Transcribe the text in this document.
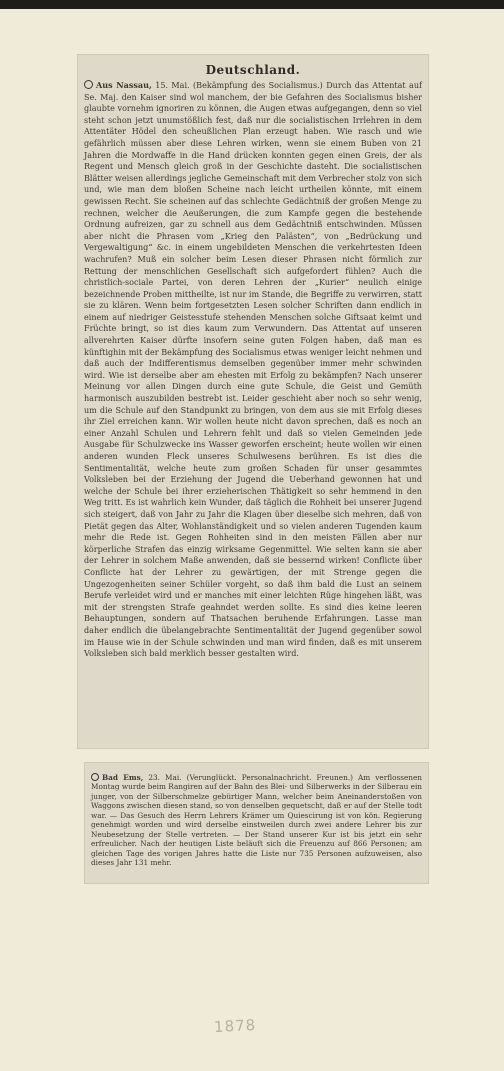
Deutschland.

Aus Nassau, 15. Mai. (Bekämpfung des Socialismus.) Durch das Attentat auf Se. Maj. den Kaiser sind wol manchem, der bie Gefahren des Socialismus bisher glaubte vornehm ignoriren zu können, die Augen etwas aufgegangen, denn so viel steht schon jetzt unumstößlich fest, daß nur die socialistischen Irrlehren in dem Attentäter Hödel den scheußlichen Plan erzeugt haben. Wie rasch und wie gefährlich müssen aber diese Lehren wirken, wenn sie einem Buben von 21 Jahren die Mordwaffe in die Hand drücken konnten gegen einen Greis, der als Regent und Mensch gleich groß in der Geschichte dasteht. Die socialistischen Blätter weisen allerdings jegliche Gemeinschaft mit dem Verbrecher stolz von sich und, wie man dem bloßen Scheine nach leicht urtheilen könnte, mit einem gewissen Recht. Sie scheinen auf das schlechte Gedächtniß der großen Menge zu rechnen, welcher die Aeußerungen, die zum Kampfe gegen die bestehende Ordnung aufreizen, gar zu schnell aus dem Gedächtniß entschwinden. Müssen aber nicht die Phrasen vom „Krieg den Palästen“, von „Bedrückung und Vergewaltigung“ &c. in einem ungebildeten Menschen die verkehrtesten Ideen wachrufen? Muß ein solcher beim Lesen dieser Phrasen nicht förmlich zur Rettung der menschlichen Gesellschaft sich aufgefordert fühlen? Auch die christlich-sociale Partei, von deren Lehren der „Kurier“ neulich einige bezeichnende Proben mittheilte, ist nur im Stande, die Begriffe zu verwirren, statt sie zu klären. Wenn beim fortgesetzten Lesen solcher Schriften dann endlich in einem auf niedriger Geistesstufe stehenden Menschen solche Giftsaat keimt und Früchte bringt, so ist dies kaum zum Verwundern. Das Attentat auf unseren allverehrten Kaiser dürfte insofern seine guten Folgen haben, daß man es künftighin mit der Bekämpfung des Socialismus etwas weniger leicht nehmen und daß auch der Indifferentismus demselben gegenüber immer mehr schwinden wird. Wie ist derselbe aber am ehesten mit Erfolg zu bekämpfen? Nach unserer Meinung vor allen Dingen durch eine gute Schule, die Geist und Gemüth harmonisch auszubilden bestrebt ist. Leider geschieht aber noch so sehr wenig, um die Schule auf den Standpunkt zu bringen, von dem aus sie mit Erfolg dieses ihr Ziel erreichen kann. Wir wollen heute nicht davon sprechen, daß es noch an einer Anzahl Schulen und Lehrern fehlt und daß so vielen Gemeinden jede Ausgabe für Schulzwecke ins Wasser geworfen erscheint; heute wollen wir einen anderen wunden Fleck unseres Schulwesens berühren. Es ist dies die Sentimentalität, welche heute zum großen Schaden für unser gesammtes Volksleben bei der Erziehung der Jugend die Ueberhand gewonnen hat und welche der Schule bei ihrer erzieherischen Thätigkeit so sehr hemmend in den Weg tritt. Es ist wahrlich kein Wunder, daß täglich die Rohheit bei unserer Jugend sich steigert, daß von Jahr zu Jahr die Klagen über dieselbe sich mehren, daß von Pietät gegen das Alter, Wohlanständigkeit und so vielen anderen Tugenden kaum mehr die Rede ist. Gegen Rohheiten sind in den meisten Fällen aber nur körperliche Strafen das einzig wirksame Gegenmittel. Wie selten kann sie aber der Lehrer in solchem Maße anwenden, daß sie bessernd wirken! Conflicte über Conflicte hat der Lehrer zu gewärtigen, der mit Strenge gegen die Ungezogenheiten seiner Schüler vorgeht, so daß ihm bald die Lust an seinem Berufe verleidet wird und er manches mit einer leichten Rüge hingehen läßt, was mit der strengsten Strafe geahndet werden sollte. Es sind dies keine leeren Behauptungen, sondern auf Thatsachen beruhende Erfahrungen. Lasse man daher endlich die übelangebrachte Sentimentalität der Jugend gegenüber sowol im Hause wie in der Schule schwinden und man wird finden, daß es mit unserem Volksleben sich bald merklich besser gestalten wird.

Bad Ems, 23. Mai. (Verunglückt. Personalnachricht. Freunen.) Am verflossenen Montag wurde beim Rangiren auf der Bahn des Blei- und Silberwerks in der Silberau ein junger, von der Silberschmelze gebürtiger Mann, welcher beim Aneinanderstoßen von Waggons zwischen diesen stand, so von denselben gequetscht, daß er auf der Stelle todt war. — Das Gesuch des Herrn Lehrers Krämer um Quiescirung ist von kön. Regierung genehmigt worden und wird derselbe einstweilen durch zwei andere Lehrer bis zur Neubesetzung der Stelle vertreten. — Der Stand unserer Kur ist bis jetzt ein sehr erfreulicher. Nach der heutigen Liste beläuft sich die Freuenzu auf 866 Personen; am gleichen Tage des vorigen Jahres hatte die Liste nur 735 Personen aufzuweisen, also dieses Jahr 131 mehr.

1878
